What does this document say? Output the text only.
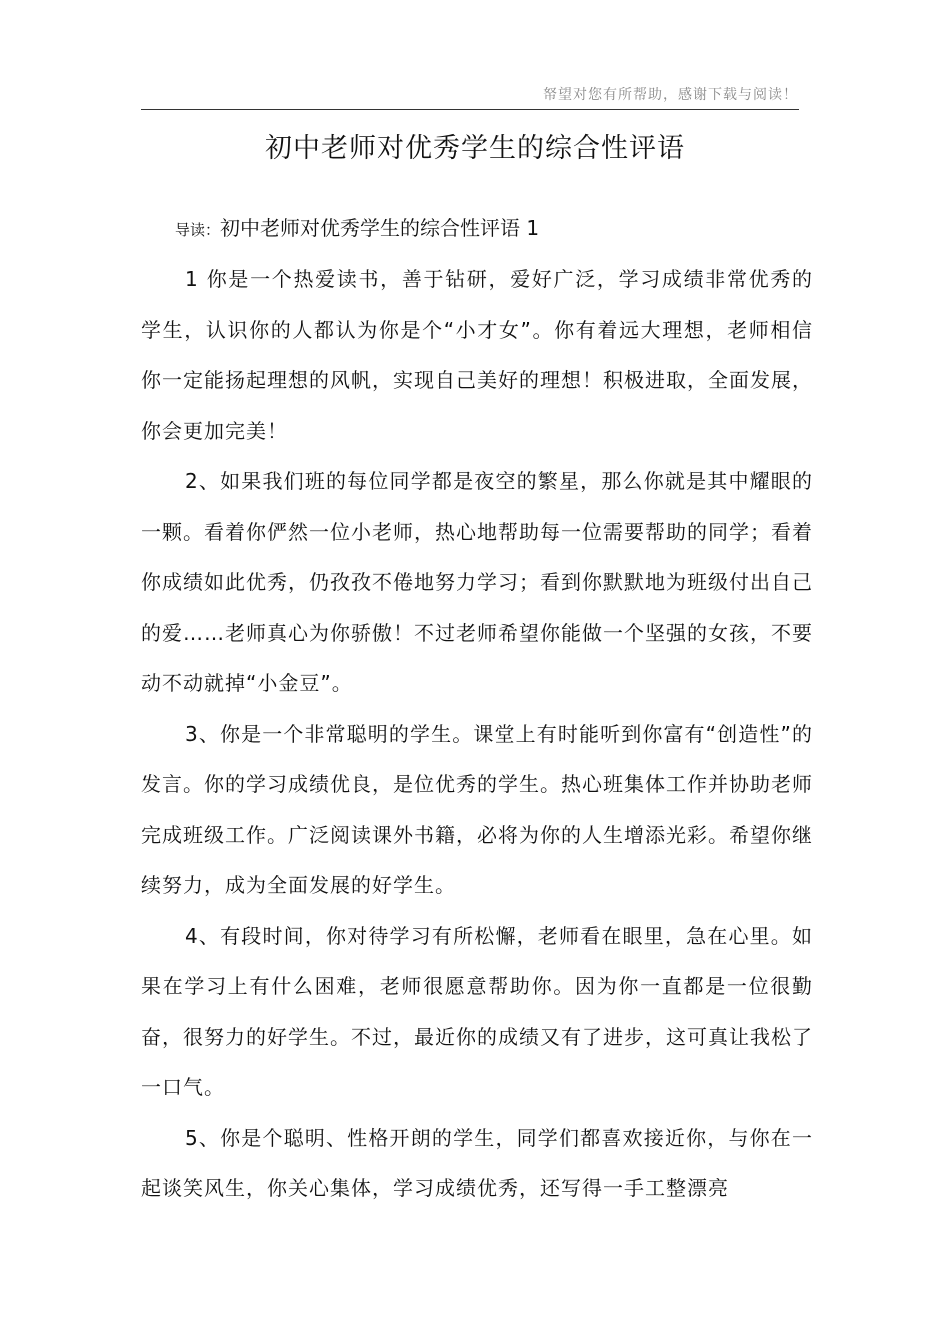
帑望对您有所帮助，感谢下载与阅读！
初中老师对优秀学生的综合性评语
导读：初中老师对优秀学生的综合性评语 1

1 你是一个热爱读书，善于钻研，爱好广泛，学习成绩非常优秀的学生，认识你的人都认为你是个“小才女”。你有着远大理想，老师相信你一定能扬起理想的风帆，实现自己美好的理想！积极进取，全面发展，你会更加完美！

2、如果我们班的每位同学都是夜空的繁星，那么你就是其中耀眼的一颗。看着你俨然一位小老师，热心地帮助每一位需要帮助的同学；看着你成绩如此优秀，仍孜孜不倦地努力学习；看到你默默地为班级付出自己的爱……老师真心为你骄傲！不过老师希望你能做一个坚强的女孩，不要动不动就掉“小金豆”。

3、你是一个非常聪明的学生。课堂上有时能听到你富有“创造性”的发言。你的学习成绩优良，是位优秀的学生。热心班集体工作并协助老师完成班级工作。广泛阅读课外书籍，必将为你的人生增添光彩。希望你继续努力，成为全面发展的好学生。

4、有段时间，你对待学习有所松懈，老师看在眼里，急在心里。如果在学习上有什么困难，老师很愿意帮助你。因为你一直都是一位很勤奋，很努力的好学生。不过，最近你的成绩又有了进步，这可真让我松了一口气。

5、你是个聪明、性格开朗的学生，同学们都喜欢接近你，与你在一起谈笑风生，你关心集体，学习成绩优秀，还写得一手工整漂亮
